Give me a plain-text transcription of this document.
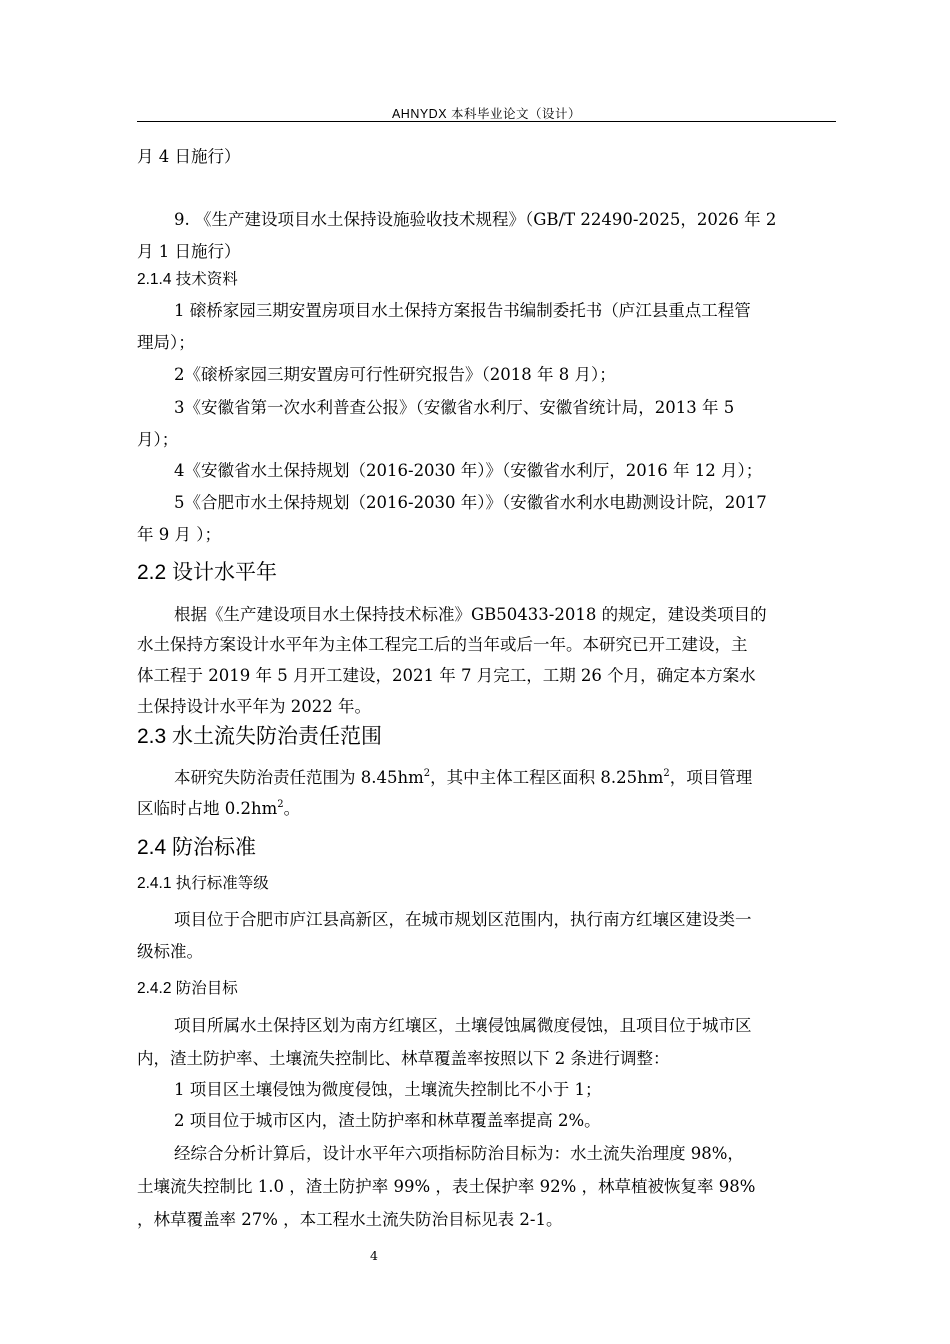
AHNYDX 本科毕业论文（设计）
月 4 日施行）
9. 《生产建设项目水土保持设施验收技术规程》（GB/T 22490-2025，2026 年 2
月 1 日施行）
2.1.4 技术资料
1 磙桥家园三期安置房项目水土保持方案报告书编制委托书（庐江县重点工程管
理局）；
2《磙桥家园三期安置房可行性研究报告》（2018 年 8 月）；
3《安徽省第一次水利普查公报》（安徽省水利厅、安徽省统计局，2013 年 5
月）；
4《安徽省水土保持规划（2016-2030 年）》（安徽省水利厅，2016 年 12 月）；
5《合肥市水土保持规划（2016-2030 年）》（安徽省水利水电勘测设计院，2017
年 9 月 ）；
2.2 设计水平年
根据《生产建设项目水土保持技术标准》GB50433-2018 的规定，建设类项目的
水土保持方案设计水平年为主体工程完工后的当年或后一年。本研究已开工建设，主
体工程于 2019 年 5 月开工建设，2021 年 7 月完工，工期 26 个月，确定本方案水
土保持设计水平年为 2022 年。
2.3 水土流失防治责任范围
本研究失防治责任范围为 $8.45hm^2$，其中主体工程区面积 $8.25hm^2$，项目管理
区临时占地 $0.2hm^2$。
2.4 防治标准
2.4.1 执行标准等级
项目位于合肥市庐江县高新区，在城市规划区范围内，执行南方红壤区建设类一
级标准。
2.4.2 防治目标
项目所属水土保持区划为南方红壤区，土壤侵蚀属微度侵蚀，且项目位于城市区
内，渣土防护率、土壤流失控制比、林草覆盖率按照以下 2 条进行调整：
1 项目区土壤侵蚀为微度侵蚀，土壤流失控制比不小于 1；
2 项目位于城市区内，渣土防护率和林草覆盖率提高 2%。
经综合分析计算后，设计水平年六项指标防治目标为：水土流失治理度 98%，
土壤流失控制比 1.0 ，渣土防护率 99% ，表土保护率 92% ，林草植被恢复率 98%
，林草覆盖率 27% ，本工程水土流失防治目标见表 2-1。
4
